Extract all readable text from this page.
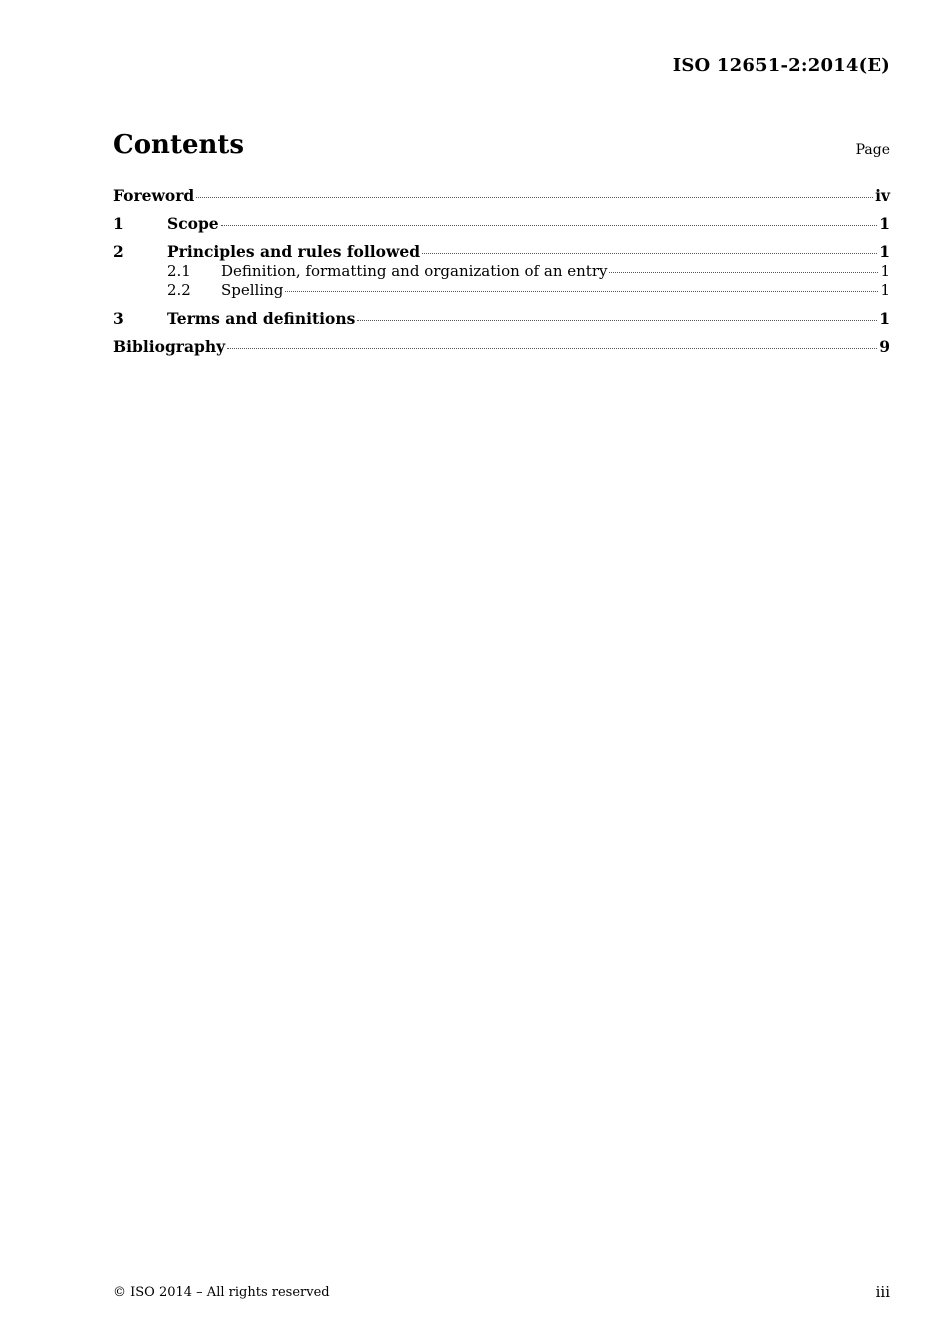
ISO 12651-2:2014(E)
Contents	Page
Foreword	iv
1	Scope	1
2	Principles and rules followed	1
2.1	Definition, formatting and organization of an entry	1
2.2	Spelling	1
3	Terms and definitions	1
Bibliography	9
© ISO 2014 – All rights reserved	iii
